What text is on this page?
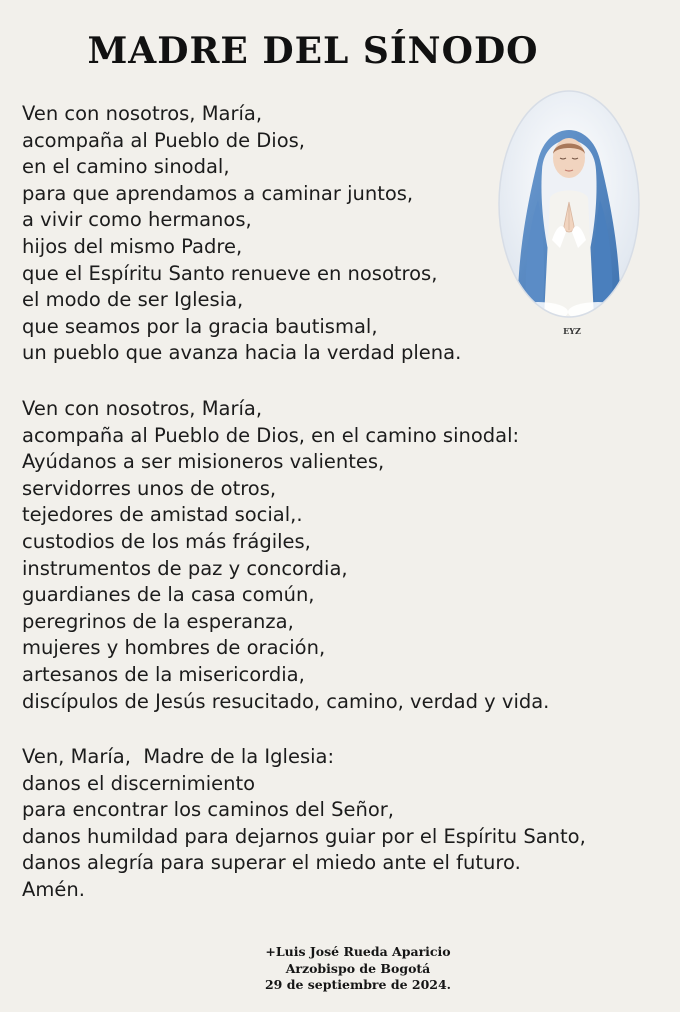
MADRE DEL SÍNODO
EYZ

Ven con nosotros, María,
acompaña al Pueblo de Dios,
en el camino sinodal,
para que aprendamos a caminar juntos,
a vivir como hermanos,
hijos del mismo Padre,
que el Espíritu Santo renueve en nosotros,
el modo de ser Iglesia,
que seamos por la gracia bautismal,
un pueblo que avanza hacia la verdad plena.

Ven con nosotros, María,
acompaña al Pueblo de Dios, en el camino sinodal:
Ayúdanos a ser misioneros valientes,
servidorres unos de otros,
tejedores de amistad social,.
custodios de los más frágiles,
instrumentos de paz y concordia,
guardianes de la casa común,
peregrinos de la esperanza,
mujeres y hombres de oración,
artesanos de la misericordia,
discípulos de Jesús resucitado, camino, verdad y vida.

Ven, María,  Madre de la Iglesia:
danos el discernimiento
para encontrar los caminos del Señor,
danos humildad para dejarnos guiar por el Espíritu Santo,
danos alegría para superar el miedo ante el futuro.
Amén.

+Luis José Rueda Aparicio
Arzobispo de Bogotá
29 de septiembre de 2024.
